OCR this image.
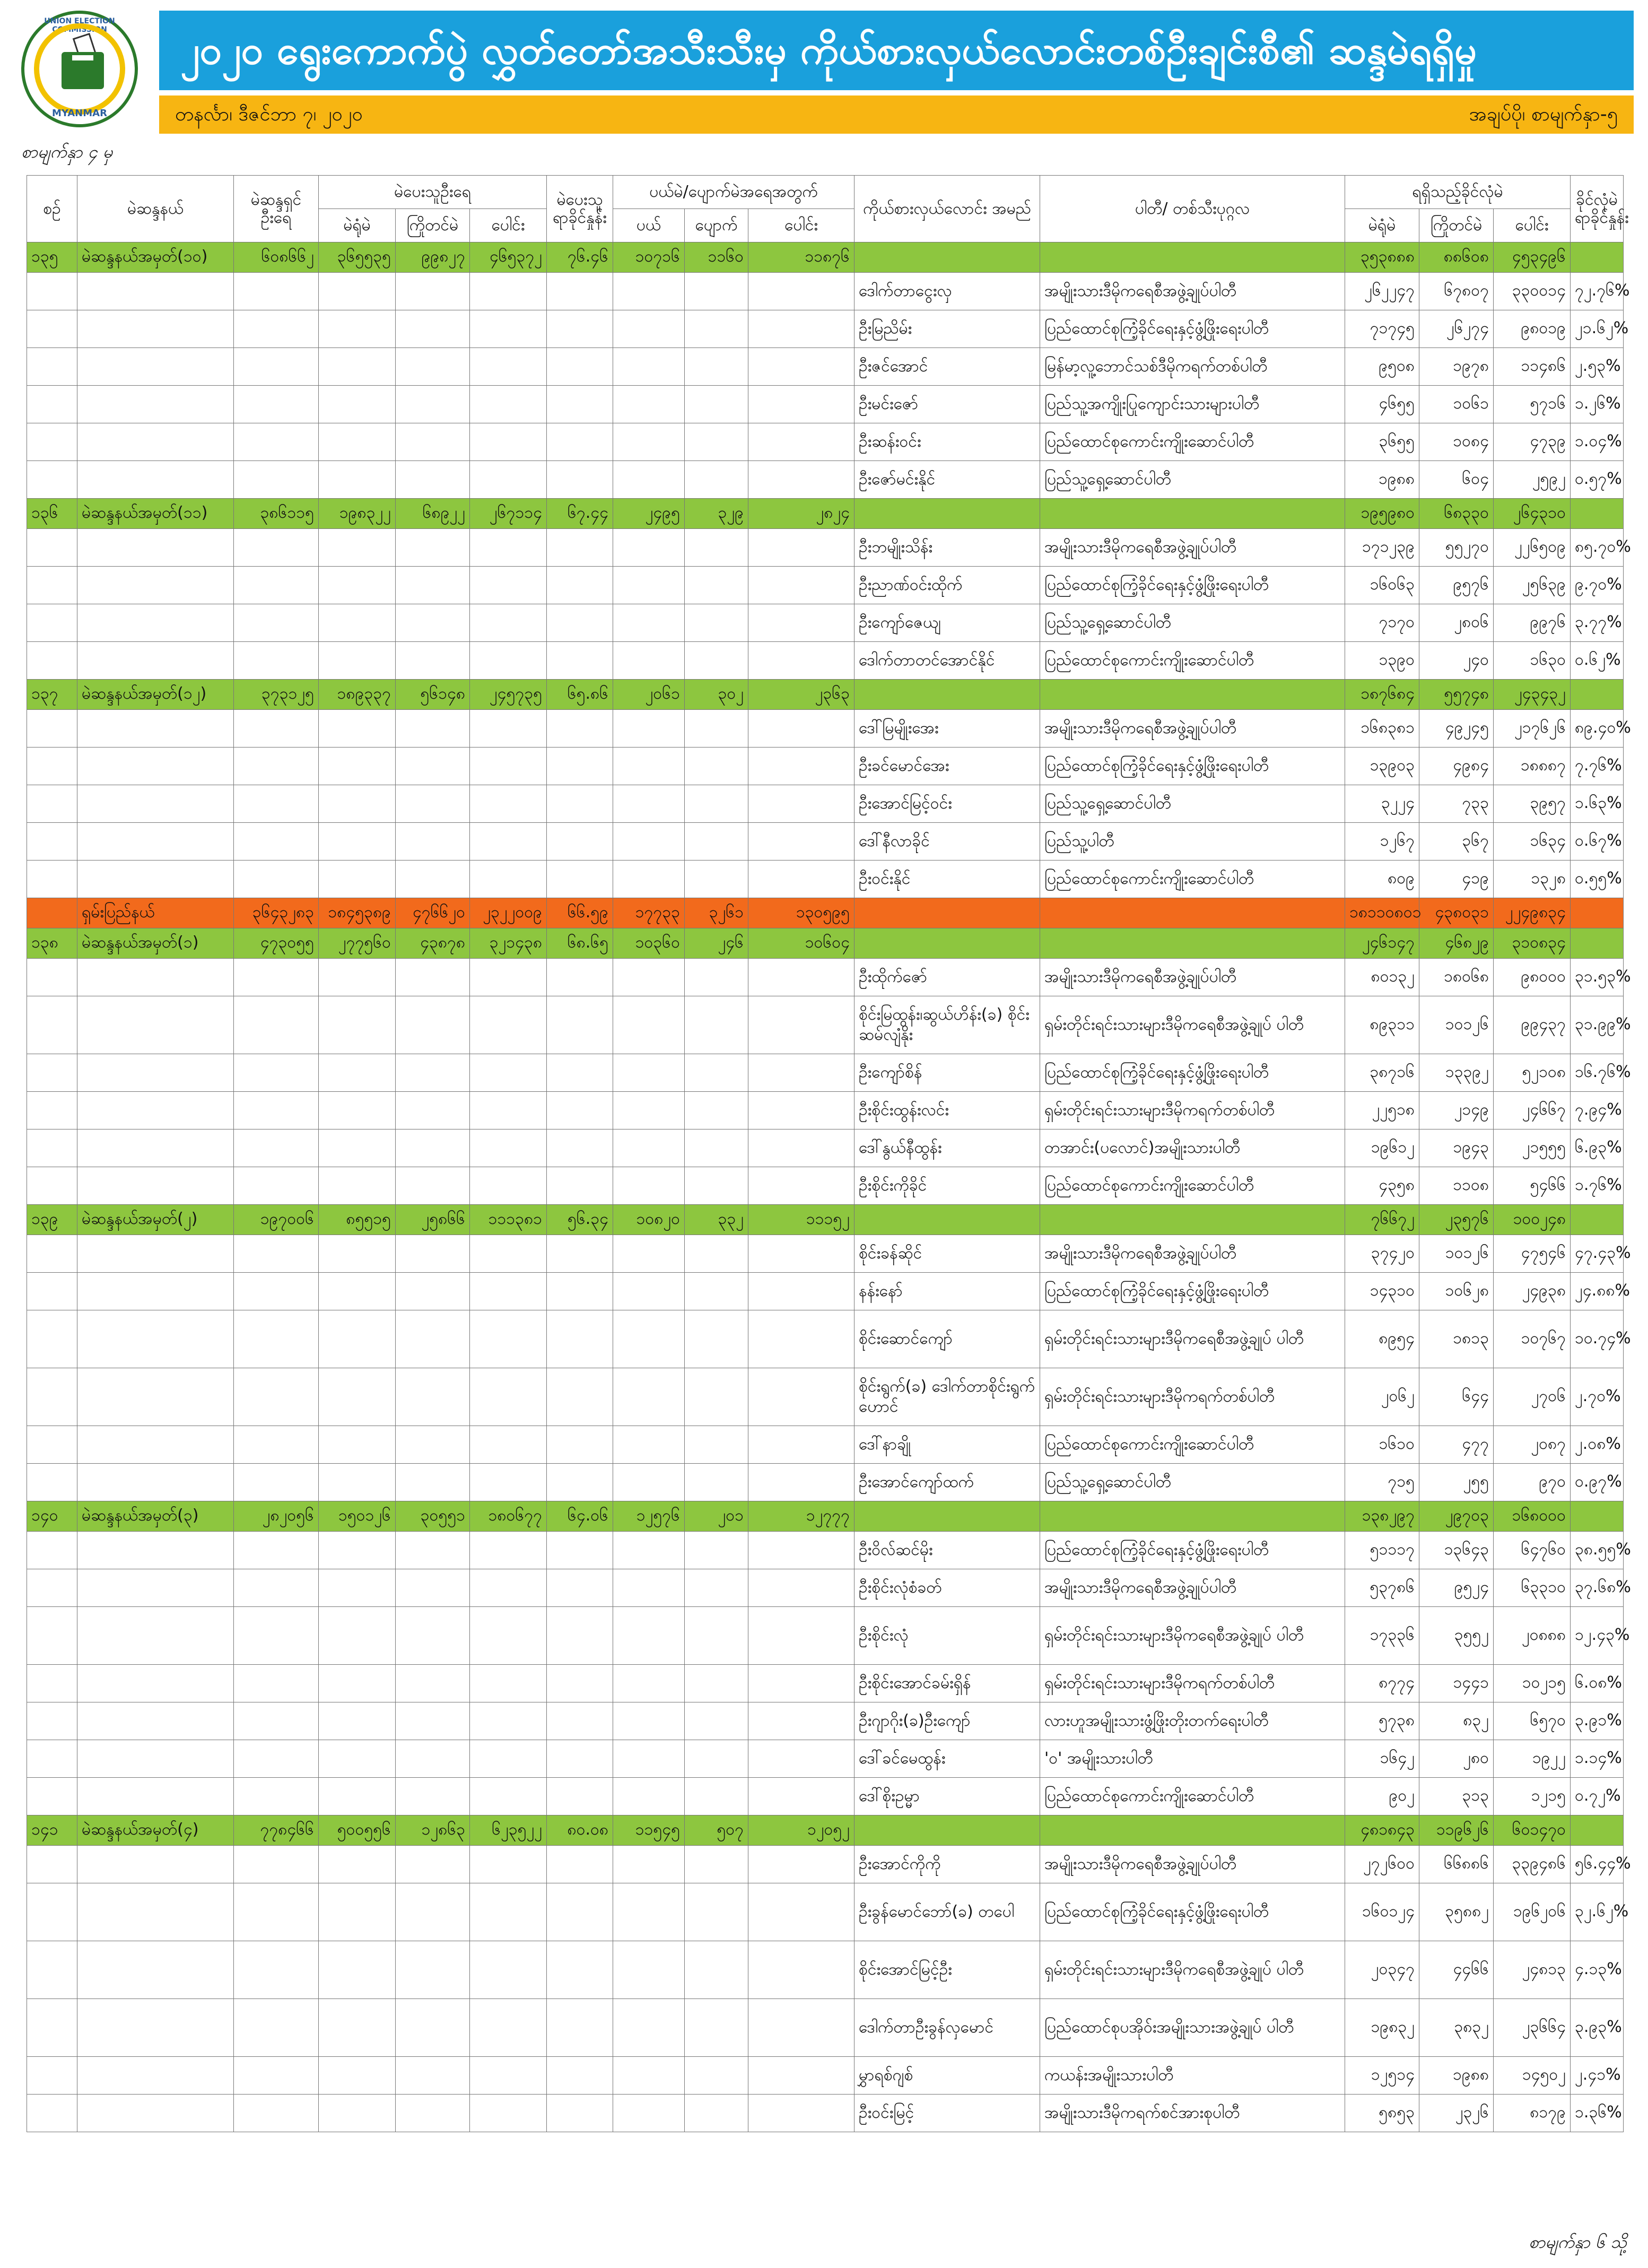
UNION ELECTION COMMISSION
MYANMAR
၂၀၂၀ ရွေးကောက်ပွဲ လွှတ်တော်အသီးသီးမှ ကိုယ်စားလှယ်လောင်းတစ်ဦးချင်းစီ၏ ဆန္ဒမဲရရှိမှု
တနင်္လာ၊ ဒီဇင်ဘာ ၇၊ ၂၀၂၀	အချပ်ပို၊ စာမျက်နှာ-၅
စာမျက်နှာ ၄ မှ
စဉ်	မဲဆန္ဒနယ်	မဲဆန္ဒရှင် ဦးရေ	မဲပေးသူဦးရေ			မဲပေးသူ ရာခိုင်နှုန်း	ပယ်မဲ/ပျောက်မဲအရေအတွက်			ကိုယ်စားလှယ်လောင်း အမည်	ပါတီ/ တစ်သီးပုဂ္ဂလ	ရရှိသည့်ခိုင်လုံမဲ			ခိုင်လုံမဲ ရာခိုင်နှုန်း
			မဲရုံမဲ	ကြိုတင်မဲ	ပေါင်း		ပယ်	ပျောက်	ပေါင်း			မဲရုံမဲ	ကြိုတင်မဲ	ပေါင်း	
၁၃၅	မဲဆန္ဒနယ်အမှတ်(၁၀)	၆၀၈၆၆၂	၃၆၅၅၃၅	၉၉၈၂၇	၄၆၅၃၇၂	၇၆.၄၆	၁၀၇၁၆	၁၁၆၀	၁၁၈၇၆			၃၅၃၈၈၈	၈၈၆၀၈	၄၅၃၄၉၆	
										ဒေါက်တာငွေးလှ	အမျိုးသားဒီမိုကရေစီအဖွဲ့ချုပ်ပါတီ	၂၆၂၂၄၇	၆၇၈၀၇	၃၃၀၀၁၄	၇၂.၇၆%
										ဦးမြညိမ်း	ပြည်ထောင်စုကြံ့ခိုင်ရေးနှင့်ဖွံ့ဖြိုးရေးပါတီ	၇၁၇၄၅	၂၆၂၇၄	၉၈၀၁၉	၂၁.၆၂%
										ဦးဇင်အောင်	မြန်မာ့လူ့ဘောင်သစ်ဒီမိုကရက်တစ်ပါတီ	၉၅၀၈	၁၉၇၈	၁၁၄၈၆	၂.၅၃%
										ဦးမင်းဇော်	ပြည်သူ့အကျိုးပြုကျောင်းသားများပါတီ	၄၆၅၅	၁၀၆၁	၅၇၁၆	၁.၂၆%
										ဦးဆန်းဝင်း	ပြည်ထောင်စုကောင်းကျိုးဆောင်ပါတီ	၃၆၅၅	၁၀၈၄	၄၇၃၉	၁.၀၄%
										ဦးဇော်မင်းနိုင်	ပြည်သူ့ရှေ့ဆောင်ပါတီ	၁၉၈၈	၆၀၄	၂၅၉၂	၀.၅၇%
၁၃၆	မဲဆန္ဒနယ်အမှတ်(၁၁)	၃၈၆၁၁၅	၁၉၈၃၂၂	၆၈၉၂၂	၂၆၇၁၁၄	၆၇.၄၄	၂၄၉၅	၃၂၉	၂၈၂၄			၁၉၅၉၈၀	၆၈၃၃၀	၂၆၄၃၁၀	
										ဦးဘမျိုးသိန်း	အမျိုးသားဒီမိုကရေစီအဖွဲ့ချုပ်ပါတီ	၁၇၁၂၃၉	၅၅၂၇၀	၂၂၆၅၀၉	၈၅.၇၀%
										ဦးညာဏ်ဝင်းထိုက်	ပြည်ထောင်စုကြံ့ခိုင်ရေးနှင့်ဖွံ့ဖြိုးရေးပါတီ	၁၆၀၆၃	၉၅၇၆	၂၅၆၃၉	၉.၇၀%
										ဦးကျော်ဇေယျ	ပြည်သူ့ရှေ့ဆောင်ပါတီ	၇၁၇၀	၂၈၀၆	၉၉၇၆	၃.၇၇%
										ဒေါက်တာတင်အောင်နိုင်	ပြည်ထောင်စုကောင်းကျိုးဆောင်ပါတီ	၁၃၉၀	၂၄၀	၁၆၃၀	၀.၆၂%
၁၃၇	မဲဆန္ဒနယ်အမှတ်(၁၂)	၃၇၃၁၂၅	၁၈၉၃၃၇	၅၆၁၄၈	၂၄၅၇၃၅	၆၅.၈၆	၂၀၆၁	၃၀၂	၂၃၆၃			၁၈၇၆၈၄	၅၅၇၄၈	၂၄၃၄၃၂	
										ဒေါ်မြမျိုးအေး	အမျိုးသားဒီမိုကရေစီအဖွဲ့ချုပ်ပါတီ	၁၆၈၃၈၁	၄၉၂၄၅	၂၁၇၆၂၆	၈၉.၄၀%
										ဦးခင်မောင်အေး	ပြည်ထောင်စုကြံ့ခိုင်ရေးနှင့်ဖွံ့ဖြိုးရေးပါတီ	၁၃၉၀၃	၄၉၈၄	၁၈၈၈၇	၇.၇၆%
										ဦးအောင်မြင့်ဝင်း	ပြည်သူ့ရှေ့ဆောင်ပါတီ	၃၂၂၄	၇၃၃	၃၉၅၇	၁.၆၃%
										ဒေါ်နီလာခိုင်	ပြည်သူ့ပါတီ	၁၂၆၇	၃၆၇	၁၆၃၄	၀.၆၇%
										ဦးဝင်းနိုင်	ပြည်ထောင်စုကောင်းကျိုးဆောင်ပါတီ	၈၀၉	၄၁၉	၁၃၂၈	၀.၅၅%
	ရှမ်းပြည်နယ်	၃၆၄၃၂၈၃	၁၈၄၅၃၈၉	၄၇၆၆၂၀	၂၃၂၂၀၀၉	၆၆.၅၉	၁၇၇၃၃	၃၂၆၁	၁၃၀၅၉၅			၁၈၁၁၀၈၀၁	၄၃၈၀၃၁	၂၂၄၉၈၃၄	
၁၃၈	မဲဆန္ဒနယ်အမှတ်(၁)	၄၇၃၀၅၅	၂၇၇၅၆၀	၄၃၈၇၈	၃၂၁၄၃၈	၆၈.၆၅	၁၀၃၆၀	၂၄၆	၁၀၆၀၄			၂၄၆၁၄၇	၄၆၈၂၉	၃၁၀၈၃၄	
										ဦးထိုက်ဇော်	အမျိုးသားဒီမိုကရေစီအဖွဲ့ချုပ်ပါတီ	၈၀၁၃၂	၁၈၀၆၈	၉၈၀၀၀	၃၁.၅၃%
										စိုင်းမြထွန်း၊ဆွယ်ဟိန်း(ခ) စိုင်းဆမ်လျံနိုး	ရှမ်းတိုင်းရင်းသားများဒီမိုကရေစီအဖွဲ့ချုပ် ပါတီ	၈၉၃၁၁	၁၀၁၂၆	၉၉၄၃၇	၃၁.၉၉%
										ဦးကျော်စိန်	ပြည်ထောင်စုကြံ့ခိုင်ရေးနှင့်ဖွံ့ဖြိုးရေးပါတီ	၃၈၇၁၆	၁၃၃၉၂	၅၂၁၀၈	၁၆.၇၆%
										ဦးစိုင်းထွန်းလင်း	ရှမ်းတိုင်းရင်းသားများဒီမိုကရက်တစ်ပါတီ	၂၂၅၁၈	၂၁၄၉	၂၄၆၆၇	၇.၉၄%
										ဒေါ်နွယ်နီထွန်း	တအာင်း(ပလောင်)အမျိုးသားပါတီ	၁၉၆၁၂	၁၉၄၃	၂၁၅၅၅	၆.၉၃%
										ဦးစိုင်းကိုခိုင်	ပြည်ထောင်စုကောင်းကျိုးဆောင်ပါတီ	၄၃၅၈	၁၁၀၈	၅၄၆၆	၁.၇၆%
၁၃၉	မဲဆန္ဒနယ်အမှတ်(၂)	၁၉၇၀၀၆	၈၅၅၁၅	၂၅၈၆၆	၁၁၁၃၈၁	၅၆.၃၄	၁၀၈၂၀	၃၃၂	၁၁၁၅၂			၇၆၆၇၂	၂၃၅၇၆	၁၀၀၂၄၈	
										စိုင်းခန်ဆိုင်	အမျိုးသားဒီမိုကရေစီအဖွဲ့ချုပ်ပါတီ	၃၇၄၂၀	၁၀၁၂၆	၄၇၅၄၆	၄၇.၄၃%
										နန်းနော်	ပြည်ထောင်စုကြံ့ခိုင်ရေးနှင့်ဖွံ့ဖြိုးရေးပါတီ	၁၄၃၁၀	၁၀၆၂၈	၂၄၉၃၈	၂၄.၈၈%
										စိုင်းဆောင်ကျော်	ရှမ်းတိုင်းရင်းသားများဒီမိုကရေစီအဖွဲ့ချုပ် ပါတီ	၈၉၅၄	၁၈၁၃	၁၀၇၆၇	၁၀.၇၄%
										စိုင်းရွက်(ခ) ဒေါက်တာစိုင်းရွက်ဟောင်	ရှမ်းတိုင်းရင်းသားများဒီမိုကရက်တစ်ပါတီ	၂၀၆၂	၆၄၄	၂၇၀၆	၂.၇၀%
										ဒေါ်နာချို	ပြည်ထောင်စုကောင်းကျိုးဆောင်ပါတီ	၁၆၁၀	၄၇၇	၂၀၈၇	၂.၀၈%
										ဦးအောင်ကျော်ထက်	ပြည်သူ့ရှေ့ဆောင်ပါတီ	၇၁၅	၂၅၅	၉၇၀	၀.၉၇%
၁၄၀	မဲဆန္ဒနယ်အမှတ်(၃)	၂၈၂၀၅၆	၁၅၀၁၂၆	၃၀၅၅၁	၁၈၀၆၇၇	၆၄.၀၆	၁၂၅၇၆	၂၀၁	၁၂၇၇၇			၁၃၈၂၉၇	၂၉၇၀၃	၁၆၈၀၀၀	
										ဦးဝိလ်ဆင်မိုး	ပြည်ထောင်စုကြံ့ခိုင်ရေးနှင့်ဖွံ့ဖြိုးရေးပါတီ	၅၁၁၁၇	၁၃၆၄၃	၆၄၇၆၀	၃၈.၅၅%
										ဦးစိုင်းလုံစံခတ်	အမျိုးသားဒီမိုကရေစီအဖွဲ့ချုပ်ပါတီ	၅၃၇၈၆	၉၅၂၄	၆၃၃၁၀	၃၇.၆၈%
										ဦးစိုင်းလုံ	ရှမ်းတိုင်းရင်းသားများဒီမိုကရေစီအဖွဲ့ချုပ် ပါတီ	၁၇၃၃၆	၃၅၅၂	၂၀၈၈၈	၁၂.၄၃%
										ဦးစိုင်းအောင်ခမ်းရှိန်	ရှမ်းတိုင်းရင်းသားများဒီမိုကရက်တစ်ပါတီ	၈၇၇၄	၁၄၄၁	၁၀၂၁၅	၆.၀၈%
										ဦးဂျာဂိုး(ခ)ဦးကျော်	လားဟူအမျိုးသားဖွံ့ဖြိုးတိုးတက်ရေးပါတီ	၅၇၃၈	၈၃၂	၆၅၇၀	၃.၉၁%
										ဒေါ်ခင်မေထွန်း	'ဝ' အမျိုးသားပါတီ	၁၆၄၂	၂၈၀	၁၉၂၂	၁.၁၄%
										ဒေါ်စိုးဥမ္မာ	ပြည်ထောင်စုကောင်းကျိုးဆောင်ပါတီ	၉၀၂	၃၁၃	၁၂၁၅	၀.၇၂%
၁၄၁	မဲဆန္ဒနယ်အမှတ်(၄)	၇၇၈၄၆၆	၅၀၀၅၅၆	၁၂၈၆၃	၆၂၃၅၂၂	၈၀.၀၈	၁၁၅၄၅	၅၀၇	၁၂၀၅၂			၄၈၁၈၄၃	၁၁၉၆၂၆	၆၀၁၄၇၀	
										ဦးအောင်ကိုကို	အမျိုးသားဒီမိုကရေစီအဖွဲ့ချုပ်ပါတီ	၂၇၂၆၀၀	၆၆၈၈၆	၃၃၉၄၈၆	၅၆.၄၄%
										ဦးခွန်မောင်ဘော်(ခ) တပေါ	ပြည်ထောင်စုကြံ့ခိုင်ရေးနှင့်ဖွံ့ဖြိုးရေးပါတီ	၁၆၀၁၂၄	၃၅၈၈၂	၁၉၆၂၀၆	၃၂.၆၂%
										စိုင်းအောင်မြင့်ဦး	ရှမ်းတိုင်းရင်းသားများဒီမိုကရေစီအဖွဲ့ချုပ် ပါတီ	၂၀၃၄၇	၄၄၆၆	၂၄၈၁၃	၄.၁၃%
										ဒေါက်တာဦးခွန်လှမောင်	ပြည်ထောင်စုပအိုဝ်းအမျိုးသားအဖွဲ့ချုပ် ပါတီ	၁၉၈၃၂	၃၈၃၂	၂၃၆၆၄	၃.၉၃%
										မွှာရစ်ဂျစ်	ကယန်းအမျိုးသားပါတီ	၁၂၅၁၄	၁၉၈၈	၁၄၅၀၂	၂.၄၁%
										ဦးဝင်းမြင့်	အမျိုးသားဒီမိုကရက်စင်အားစုပါတီ	၅၈၅၃	၂၃၂၆	၈၁၇၉	၁.၃၆%
စာမျက်နှာ ၆ သို့
